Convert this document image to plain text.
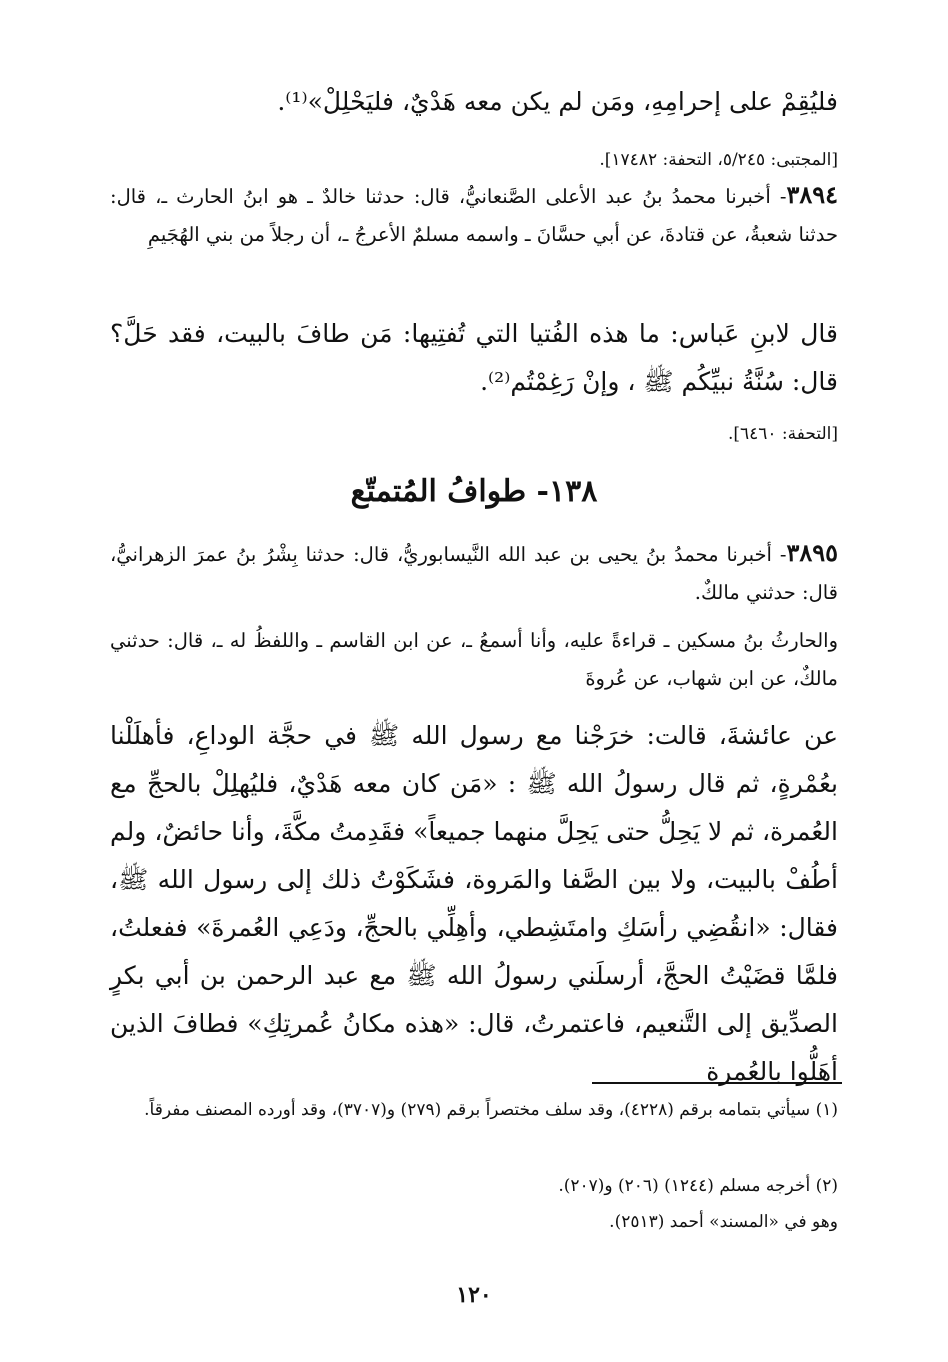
فليُقِمْ على إحرامِهِ، ومَن لم يكن معه هَدْيٌ، فليَحْلِلْ»⁽¹⁾.
[المجتبى: ٥/٢٤٥، التحفة: ١٧٤٨٢].
٣٨٩٤- أخبرنا محمدُ بنُ عبد الأعلى الصَّنعانيُّ، قال: حدثنا خالدٌ ـ هو ابنُ الحارث ـ، قال: حدثنا شعبةُ، عن قتادةَ، عن أبي حسَّانَ ـ واسمه مسلمٌ الأعرجُ ـ، أن رجلاً من بني الهُجَيمِ
قال لابنِ عَباس: ما هذه الفُتيا التي تُفتِيها: مَن طافَ بالبيت، فقد حَلَّ؟ قال: سُنَّةُ نبيِّكُم ﷺ ، وإنْ رَغِمْتُم⁽²⁾.
[التحفة: ٦٤٦٠].
١٣٨- طوافُ المُتمتّع
٣٨٩٥- أخبرنا محمدُ بنُ يحيى بن عبد الله النَّيسابوريُّ، قال: حدثنا بِشْرُ بنُ عمرَ الزهرانيُّ، قال: حدثني مالكٌ.
والحارثُ بنُ مسكين ـ قراءةً عليه، وأنا أسمعُ ـ، عن ابن القاسم ـ واللفظُ له ـ، قال: حدثني مالكٌ، عن ابن شهاب، عن عُروةَ
عن عائشةَ، قالت: خرَجْنا مع رسول الله ﷺ في حجَّة الوداعِ، فأهلَلْنا بعُمْرةٍ، ثم قال رسولُ الله ﷺ : «مَن كان معه هَدْيٌ، فليُهلِلْ بالحجِّ مع العُمرة، ثم لا يَحِلُّ حتى يَحِلَّ منهما جميعاً» فقَدِمتُ مكَّةَ، وأنا حائضٌ، ولم أطُفْ بالبيت، ولا بين الصَّفا والمَروة، فشَكَوْتُ ذلك إلى رسول الله ﷺ، فقال: «انقُضِي رأسَكِ وامتَشِطي، وأهِلِّي بالحجِّ، ودَعِي العُمرةَ» ففعلتُ، فلمَّا قضَيْتُ الحجَّ، أرسلَني رسولُ الله ﷺ مع عبد الرحمن بن أبي بكرٍ الصدِّيق إلى التَّنعيم، فاعتمرتُ، قال: «هذه مكانُ عُمرتِكِ» فطافَ الذين أهَلُّوا بالعُمرة
(١) سيأتي بتمامه برقم (٤٢٢٨)، وقد سلف مختصراً برقم (٢٧٩) و(٣٧٠٧)، وقد أورده المصنف مفرقاً.
(٢) أخرجه مسلم (١٢٤٤) (٢٠٦) و(٢٠٧).
وهو في «المسند» أحمد (٢٥١٣).
١٢٠
